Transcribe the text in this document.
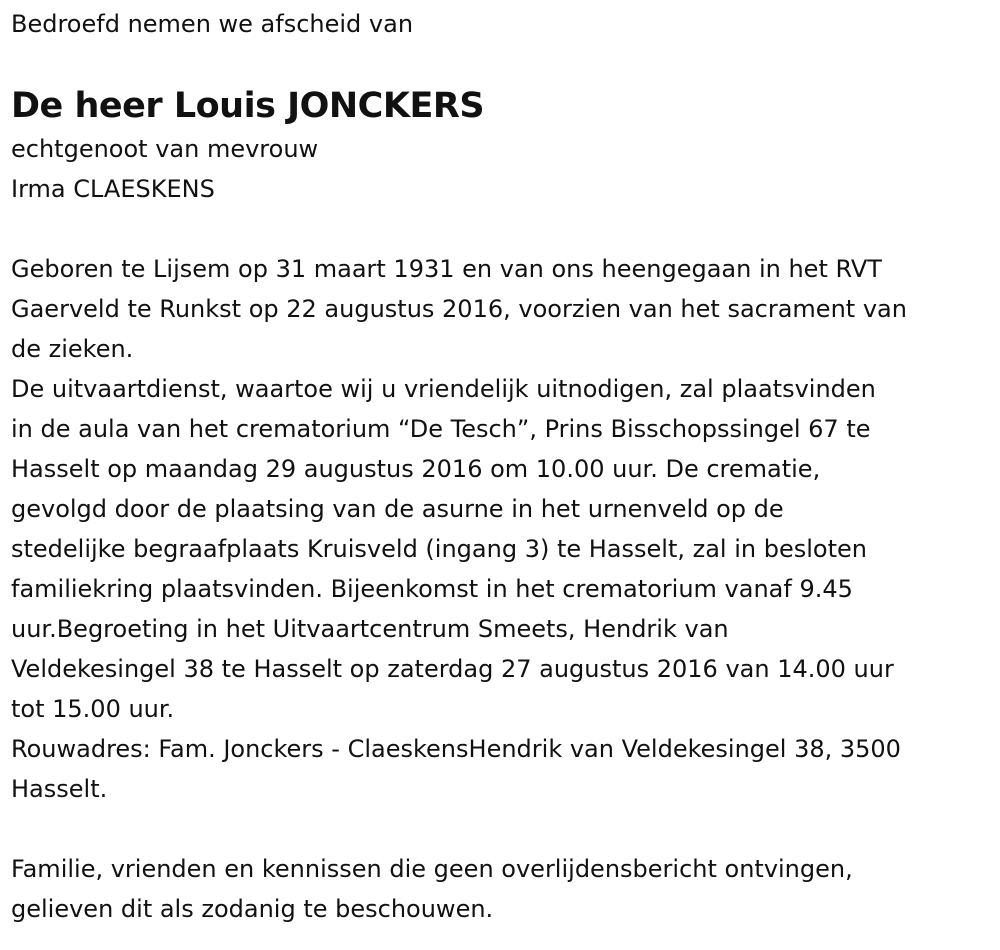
Bedroefd nemen we afscheid van
De heer Louis JONCKERS
echtgenoot van mevrouw
Irma CLAESKENS
Geboren te Lijsem op 31 maart 1931 en van ons heengegaan in het RVT
Gaerveld te Runkst op 22 augustus 2016, voorzien van het sacrament van
de zieken.
De uitvaartdienst, waartoe wij u vriendelijk uitnodigen, zal plaatsvinden
in de aula van het crematorium “De Tesch”, Prins Bisschopssingel 67 te
Hasselt op maandag 29 augustus 2016 om 10.00 uur. De crematie,
gevolgd door de plaatsing van de asurne in het urnenveld op de
stedelijke begraafplaats Kruisveld (ingang 3) te Hasselt, zal in besloten
familiekring plaatsvinden. Bijeenkomst in het crematorium vanaf 9.45
uur.Begroeting in het Uitvaartcentrum Smeets, Hendrik van
Veldekesingel 38 te Hasselt op zaterdag 27 augustus 2016 van 14.00 uur
tot 15.00 uur.
Rouwadres: Fam. Jonckers - ClaeskensHendrik van Veldekesingel 38, 3500
Hasselt.
Familie, vrienden en kennissen die geen overlijdensbericht ontvingen,
gelieven dit als zodanig te beschouwen.
